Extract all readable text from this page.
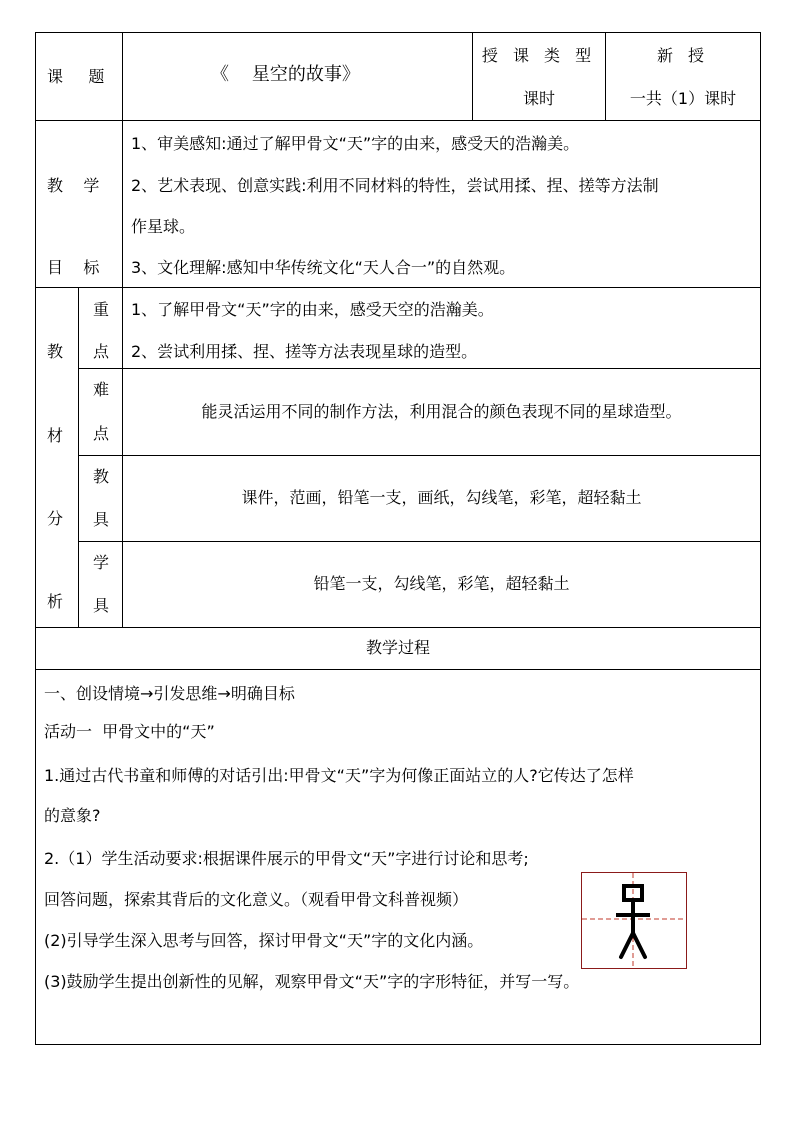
课     题	《    星空的故事》
授 课 类 型
课时
新 授
一共（1）课时
教    学
目    标
1、审美感知:通过了解甲骨文“天”字的由来，感受天的浩瀚美。
2、艺术表现、创意实践:利用不同材料的特性，尝试用揉、捏、搓等方法制
作星球。
3、文化理解:感知中华传统文化“天人合一”的自然观。
教
材
分
析
重
点
1、了解甲骨文“天”字的由来，感受天空的浩瀚美。
2、尝试利用揉、捏、搓等方法表现星球的造型。
难
点
能灵活运用不同的制作方法，利用混合的颜色表现不同的星球造型。
教
具
课件，范画，铅笔一支，画纸，勾线笔，彩笔，超轻黏土
学
具
铅笔一支，勾线笔，彩笔，超轻黏土
教学过程
一、创设情境→引发思维→明确目标
活动一  甲骨文中的“天”
1.通过古代书童和师傅的对话引出:甲骨文“天”字为何像正面站立的人?它传达了怎样
的意象?
2.（1）学生活动要求:根据课件展示的甲骨文“天”字进行讨论和思考;
回答问题，探索其背后的文化意义。（观看甲骨文科普视频）
(2)引导学生深入思考与回答，探讨甲骨文“天”字的文化内涵。
(3)鼓励学生提出创新性的见解，观察甲骨文“天”字的字形特征，并写一写。
